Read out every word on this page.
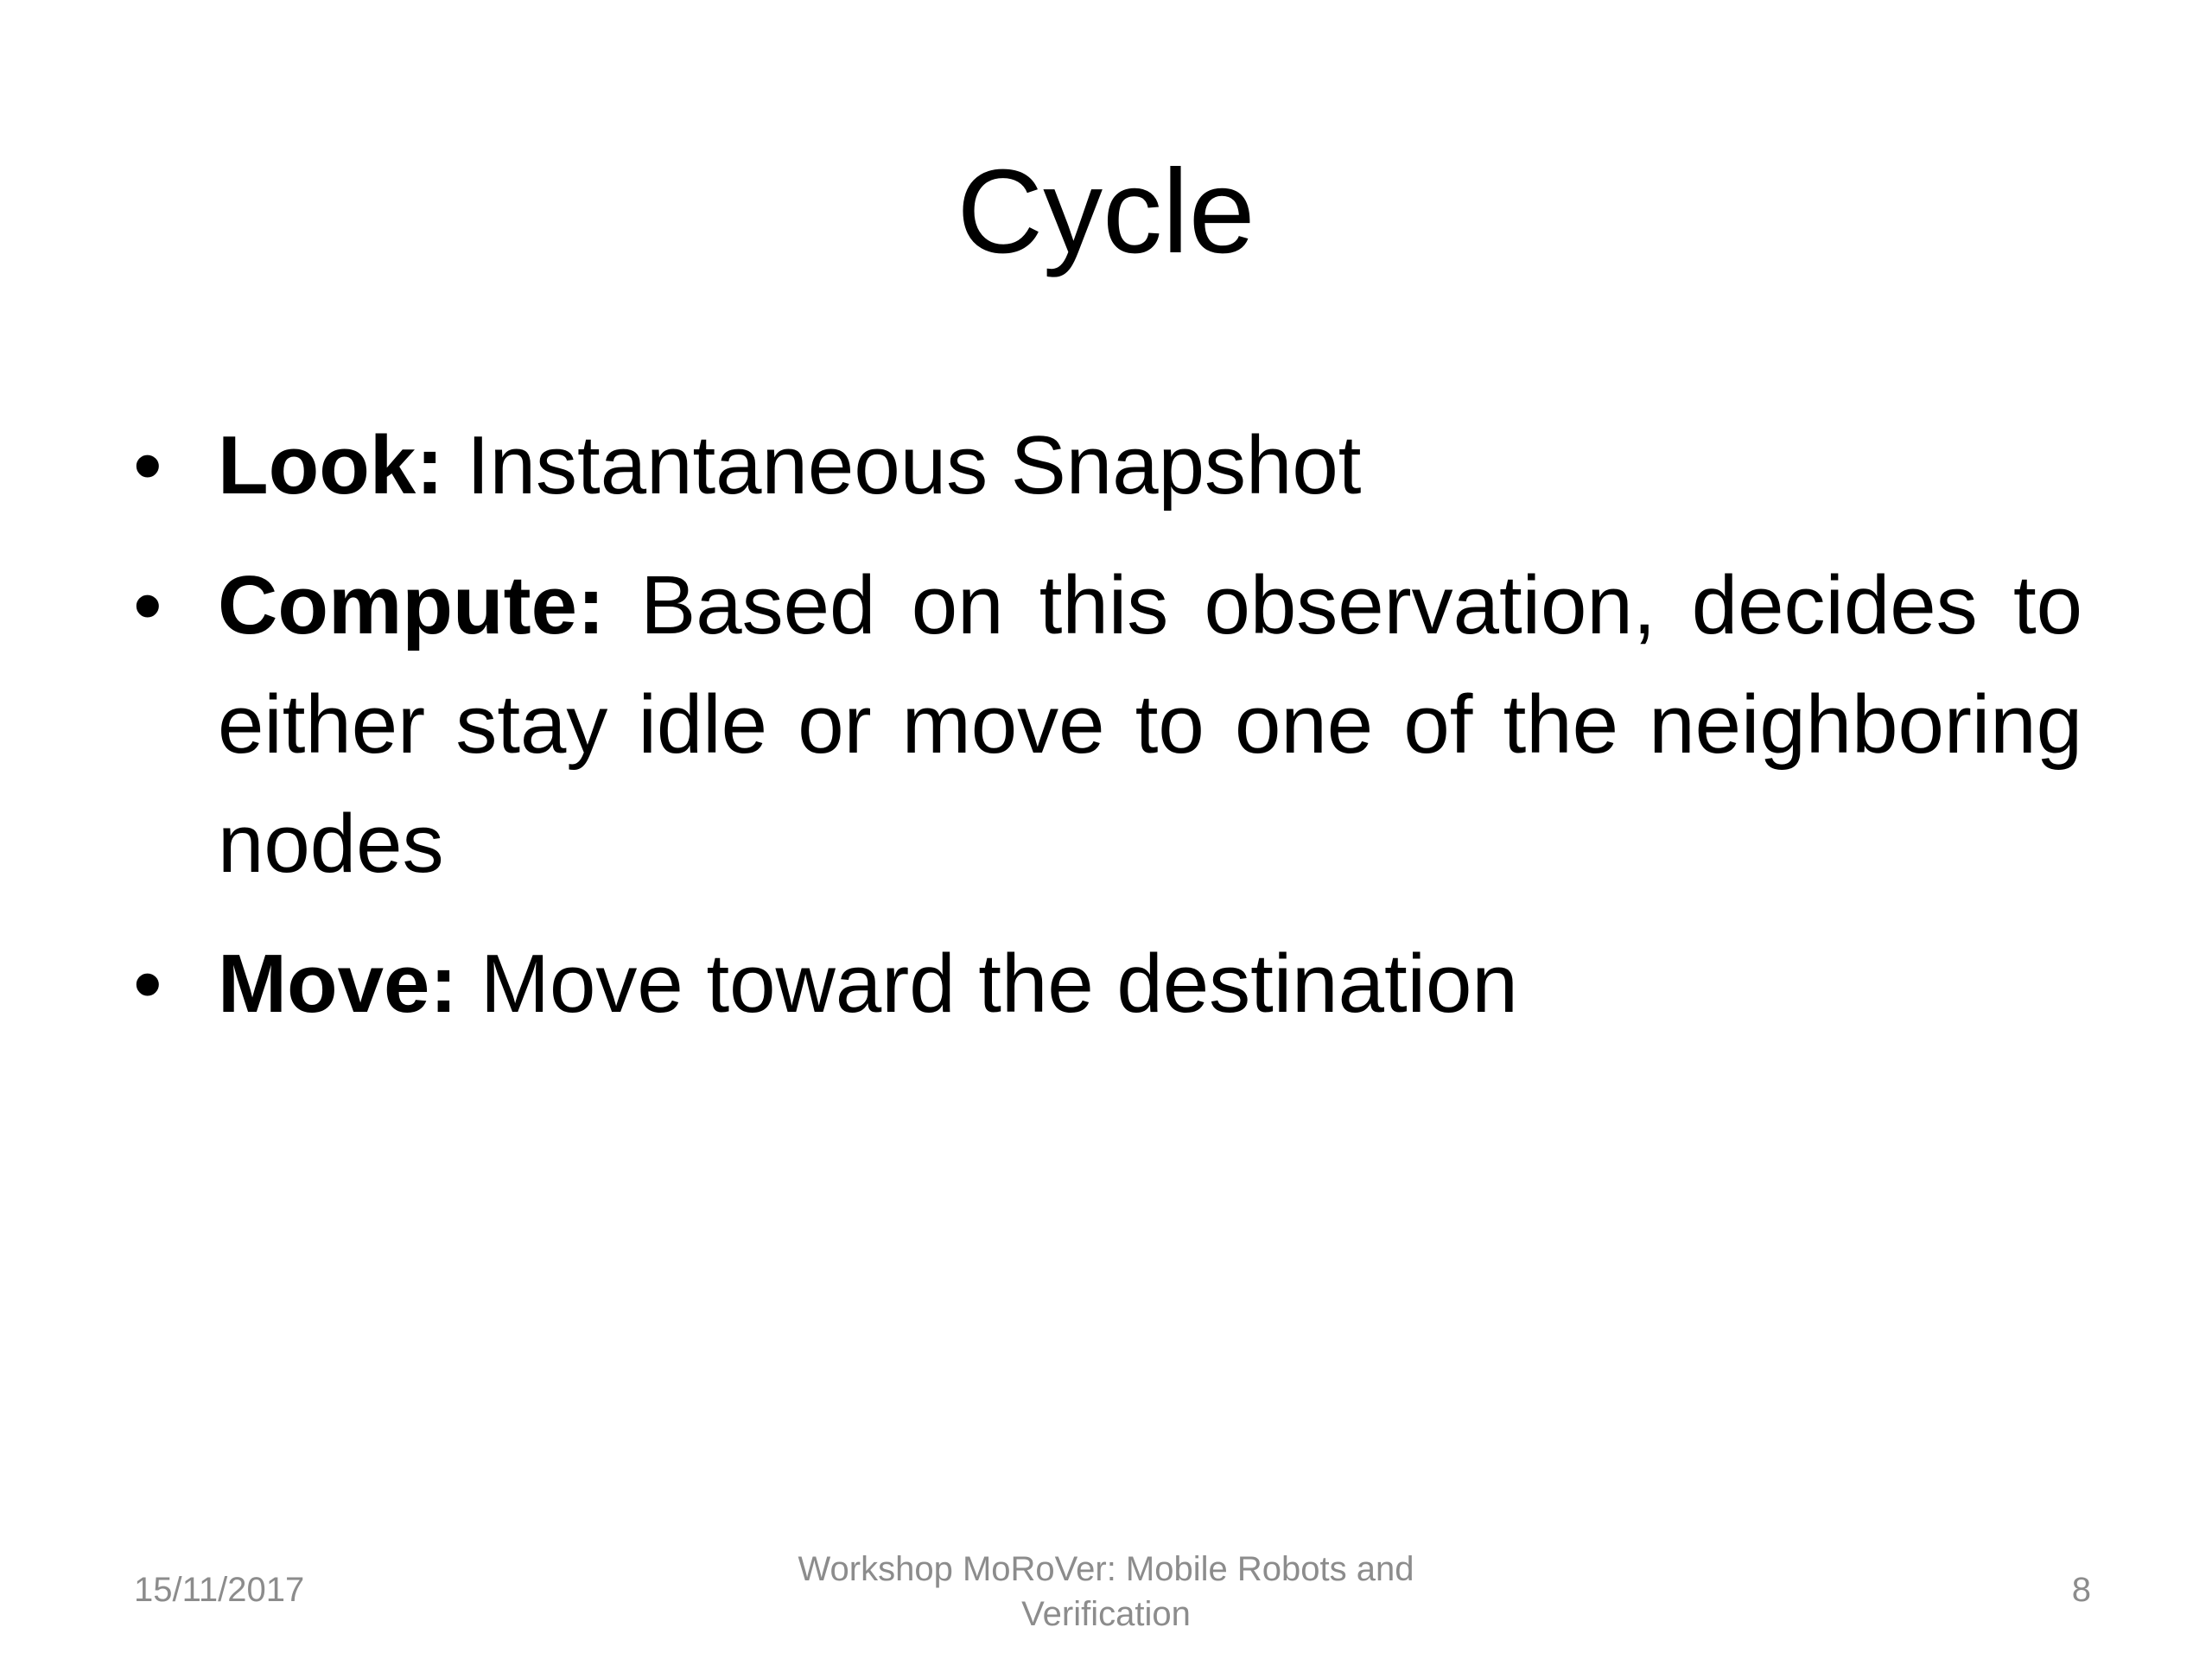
Cycle
• Look: Instantaneous Snapshot
• Compute: Based on this observation, decides to either stay idle or move to one of the neighboring nodes
• Move: Move toward the destination
15/11/2017
Workshop MoRoVer: Mobile Robots and
Verification
8
